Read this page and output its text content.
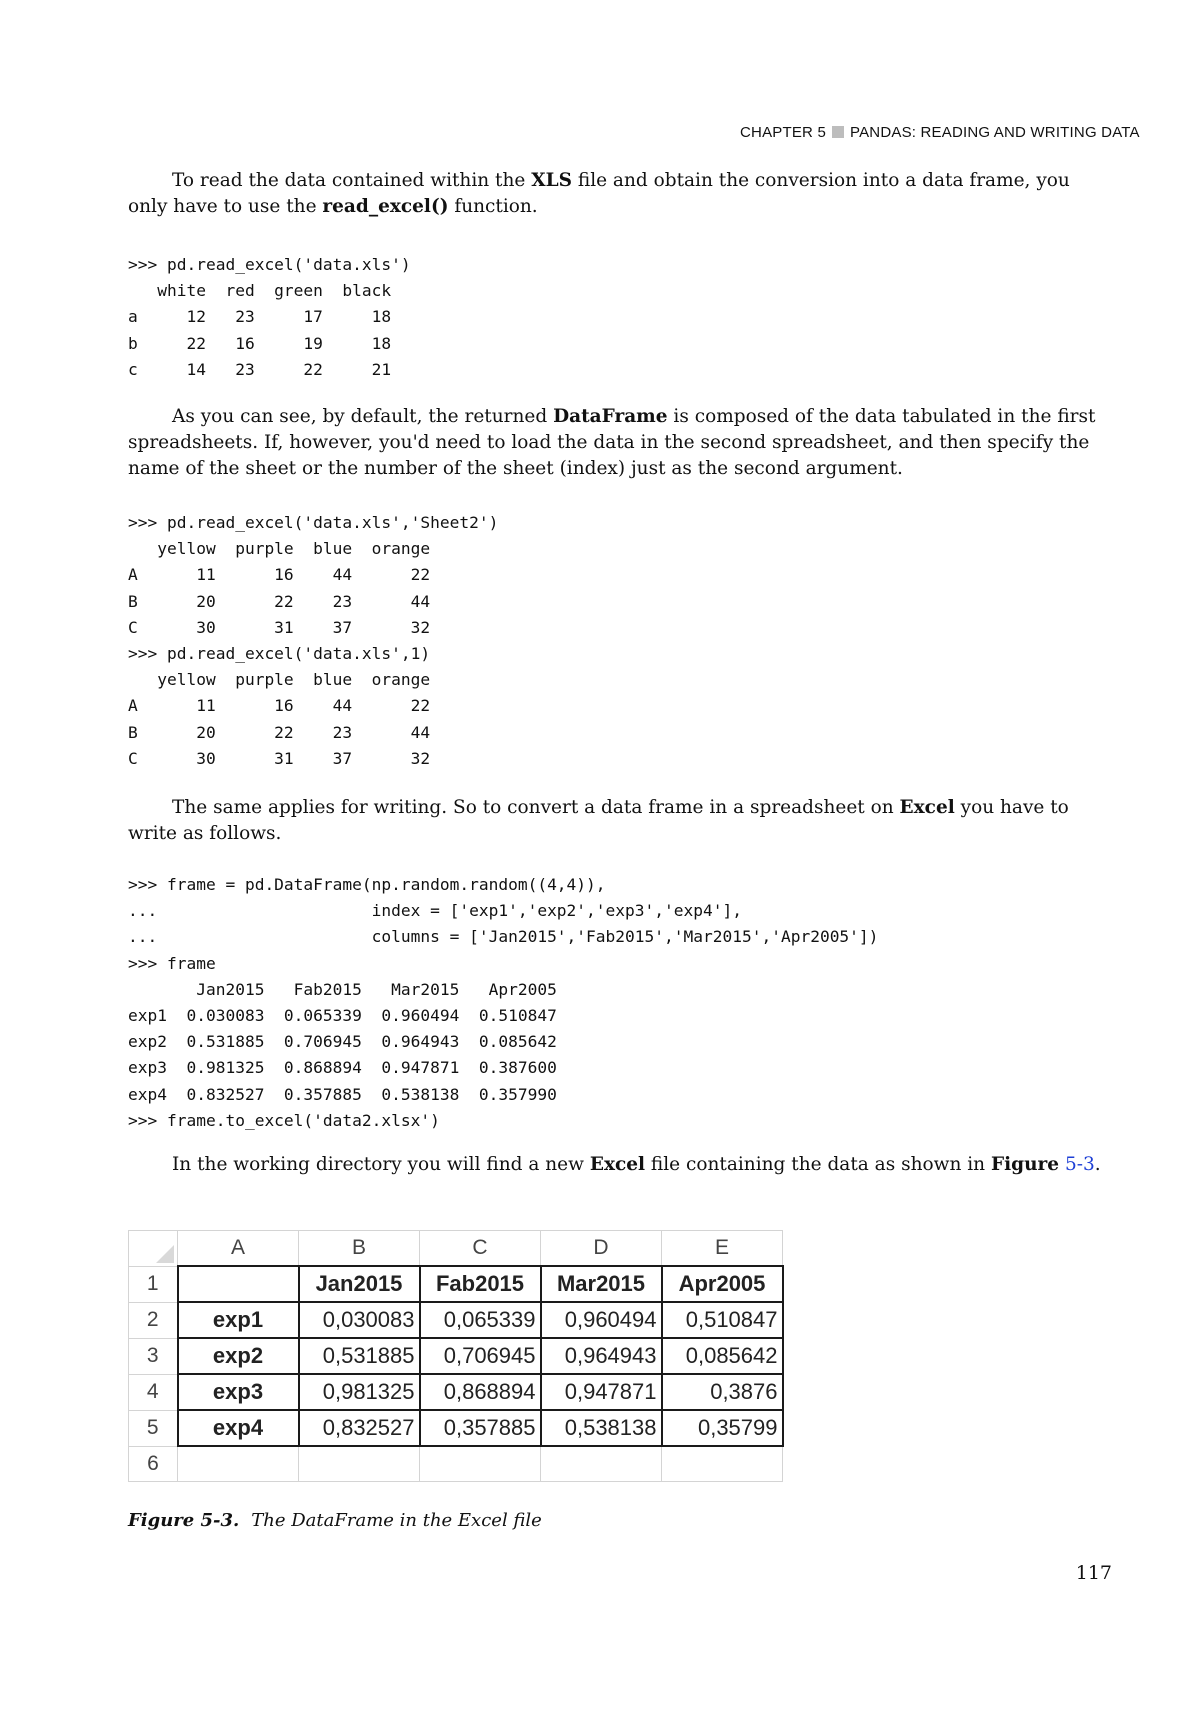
CHAPTER 5 PANDAS: READING AND WRITING DATA
To read the data contained within the XLS file and obtain the conversion into a data frame, you only have to use the read_excel() function.
>>> pd.read_excel('data.xls')
white  red  green  black
a     12   23     17     18
b     22   16     19     18
c     14   23     22     21
As you can see, by default, the returned DataFrame is composed of the data tabulated in the first spreadsheets. If, however, you'd need to load the data in the second spreadsheet, and then specify the name of the sheet or the number of the sheet (index) just as the second argument.
>>> pd.read_excel('data.xls','Sheet2')
yellow  purple  blue  orange
A      11      16    44      22
B      20      22    23      44
C      30      31    37      32
>>> pd.read_excel('data.xls',1)
yellow  purple  blue  orange
A      11      16    44      22
B      20      22    23      44
C      30      31    37      32
The same applies for writing. So to convert a data frame in a spreadsheet on Excel you have to write as follows.
>>> frame = pd.DataFrame(np.random.random((4,4)),
...                      index = ['exp1','exp2','exp3','exp4'],
...                      columns = ['Jan2015','Fab2015','Mar2015','Apr2005'])
>>> frame
Jan2015   Fab2015   Mar2015   Apr2005
exp1  0.030083  0.065339  0.960494  0.510847
exp2  0.531885  0.706945  0.964943  0.085642
exp3  0.981325  0.868894  0.947871  0.387600
exp4  0.832527  0.357885  0.538138  0.357990
>>> frame.to_excel('data2.xlsx')
In the working directory you will find a new Excel file containing the data as shown in Figure 5-3.
	A	B	C	D	E
1		Jan2015	Fab2015	Mar2015	Apr2005
2	exp1	0,030083	0,065339	0,960494	0,510847
3	exp2	0,531885	0,706945	0,964943	0,085642
4	exp3	0,981325	0,868894	0,947871	0,3876
5	exp4	0,832527	0,357885	0,538138	0,35799
6					
Figure 5-3. The DataFrame in the Excel file
117
